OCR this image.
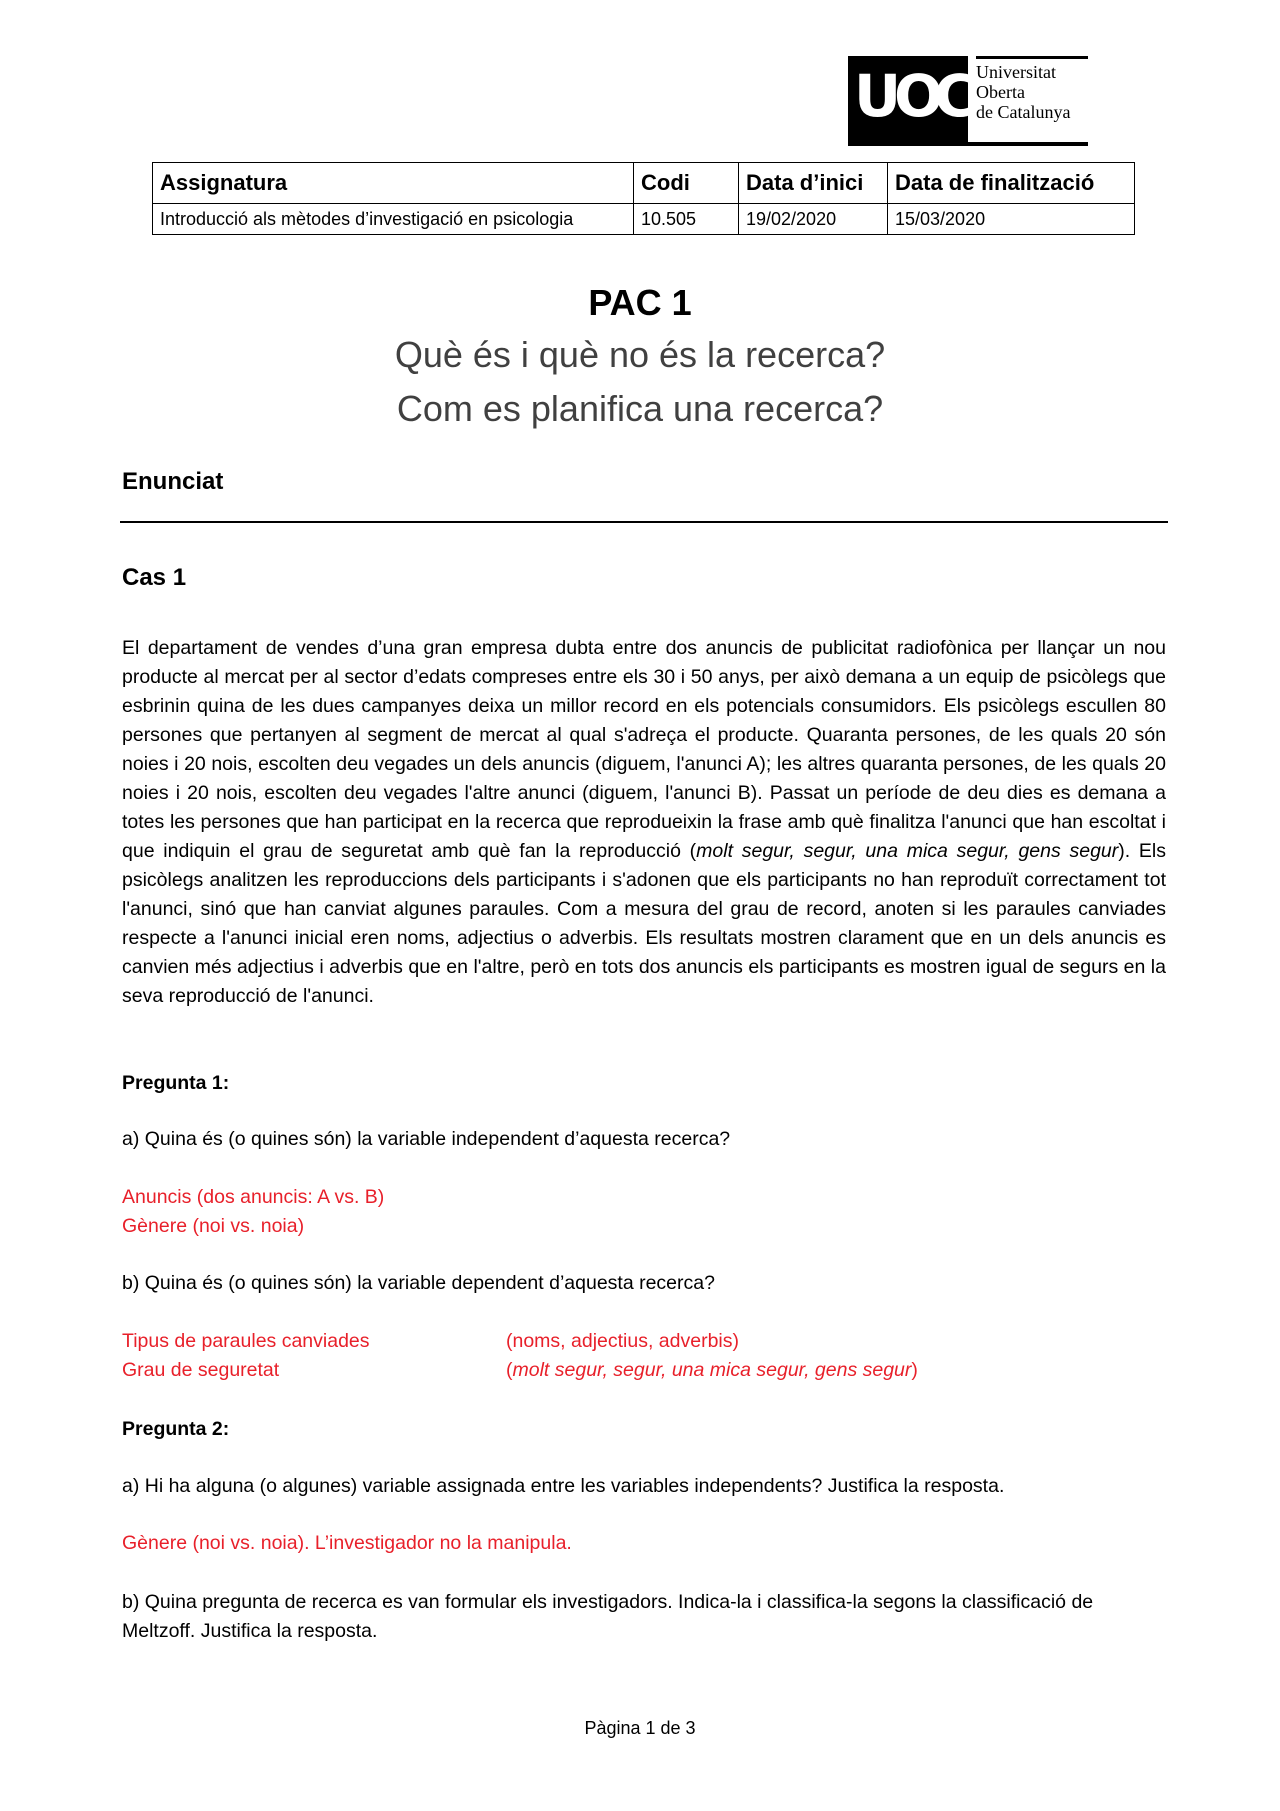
U
O
C Universitat
Oberta
de Catalunya
Assignatura	Codi	Data d’inici	Data de finalització
Introducció als mètodes d’investigació en psicologia	10.505	19/02/2020	15/03/2020
PAC 1
Què és i què no és la recerca?
Com es planifica una recerca?
Enunciat
Cas 1

El departament de vendes d’una gran empresa dubta entre dos anuncis de publicitat radiofònica per llançar un nou producte al mercat per al sector d’edats compreses entre els 30 i 50 anys, per això demana a un equip de psicòlegs que esbrinin quina de les dues campanyes deixa un millor record en els potencials consumidors. Els psicòlegs escullen 80 persones que pertanyen al segment de mercat al qual s'adreça el producte. Quaranta persones, de les quals 20 són noies i 20 nois, escolten deu vegades un dels anuncis (diguem, l'anunci A); les altres quaranta persones, de les quals 20 noies i 20 nois, escolten deu vegades l'altre anunci (diguem, l'anunci B). Passat un període de deu dies es demana a totes les persones que han participat en la recerca que reprodueixin la frase amb què finalitza l'anunci que han escoltat i que indiquin el grau de seguretat amb què fan la reproducció (molt segur, segur, una mica segur, gens segur). Els psicòlegs analitzen les reproduccions dels participants i s'adonen que els participants no han reproduït correctament tot l'anunci, sinó que han canviat algunes paraules. Com a mesura del grau de record, anoten si les paraules canviades respecte a l'anunci inicial eren noms, adjectius o adverbis. Els resultats mostren clarament que en un dels anuncis es canvien més adjectius i adverbis que en l'altre, però en tots dos anuncis els participants es mostren igual de segurs en la seva reproducció de l'anunci.

Pregunta 1:
a) Quina és (o quines són) la variable independent d’aquesta recerca?
Anuncis (dos anuncis: A vs. B)
Gènere (noi vs. noia)
b) Quina és (o quines són) la variable dependent d’aquesta recerca?
Tipus de paraules canviades	(noms, adjectius, adverbis)
Grau de seguretat	(molt segur, segur, una mica segur, gens segur)
Pregunta 2:
a) Hi ha alguna (o algunes) variable assignada entre les variables independents? Justifica la resposta.
Gènere (noi vs. noia). L’investigador no la manipula.

b) Quina pregunta de recerca es van formular els investigadors. Indica-la i classifica-la segons la classificació de Meltzoff. Justifica la resposta.

Pàgina 1 de 3
